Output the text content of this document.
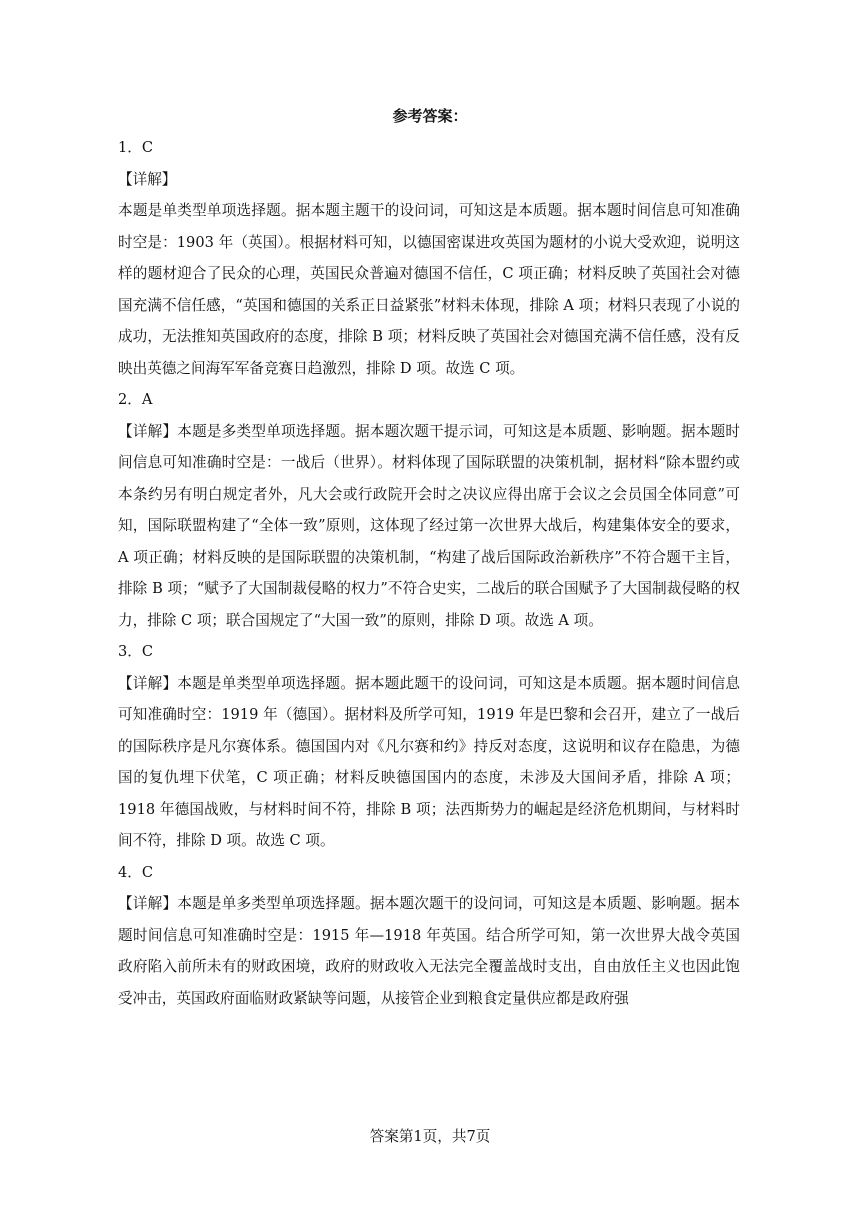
参考答案：

1．C

【详解】

本题是单类型单项选择题。据本题主题干的设问词，可知这是本质题。据本题时间信息可知准确时空是：1903 年（英国）。根据材料可知，以德国密谋进攻英国为题材的小说大受欢迎，说明这样的题材迎合了民众的心理，英国民众普遍对德国不信任，C 项正确；材料反映了英国社会对德国充满不信任感，“英国和德国的关系正日益紧张”材料未体现，排除 A 项；材料只表现了小说的成功，无法推知英国政府的态度，排除 B 项；材料反映了英国社会对德国充满不信任感，没有反映出英德之间海军军备竞赛日趋激烈，排除 D 项。故选 C 项。

2．A

【详解】本题是多类型单项选择题。据本题次题干提示词，可知这是本质题、影响题。据本题时间信息可知准确时空是：一战后（世界）。材料体现了国际联盟的决策机制，据材料“除本盟约或本条约另有明白规定者外，凡大会或行政院开会时之决议应得出席于会议之会员国全体同意”可知，国际联盟构建了“全体一致”原则，这体现了经过第一次世界大战后，构建集体安全的要求，A 项正确；材料反映的是国际联盟的决策机制，“构建了战后国际政治新秩序”不符合题干主旨，排除 B 项；“赋予了大国制裁侵略的权力”不符合史实，二战后的联合国赋予了大国制裁侵略的权力，排除 C 项；联合国规定了“大国一致”的原则，排除 D 项。故选 A 项。

3．C

【详解】本题是单类型单项选择题。据本题此题干的设问词，可知这是本质题。据本题时间信息可知准确时空：1919 年（德国）。据材料及所学可知，1919 年是巴黎和会召开，建立了一战后的国际秩序是凡尔赛体系。德国国内对《凡尔赛和约》持反对态度，这说明和议存在隐患，为德国的复仇埋下伏笔，C 项正确；材料反映德国国内的态度，未涉及大国间矛盾，排除 A 项；1918 年德国战败，与材料时间不符，排除 B 项；法西斯势力的崛起是经济危机期间，与材料时间不符，排除 D 项。故选 C 项。

4．C

【详解】本题是单多类型单项选择题。据本题次题干的设问词，可知这是本质题、影响题。据本题时间信息可知准确时空是：1915 年—1918 年英国。结合所学可知，第一次世界大战令英国政府陷入前所未有的财政困境，政府的财政收入无法完全覆盖战时支出，自由放任主义也因此饱受冲击，英国政府面临财政紧缺等问题，从接管企业到粮食定量供应都是政府强

答案第1页，共7页
